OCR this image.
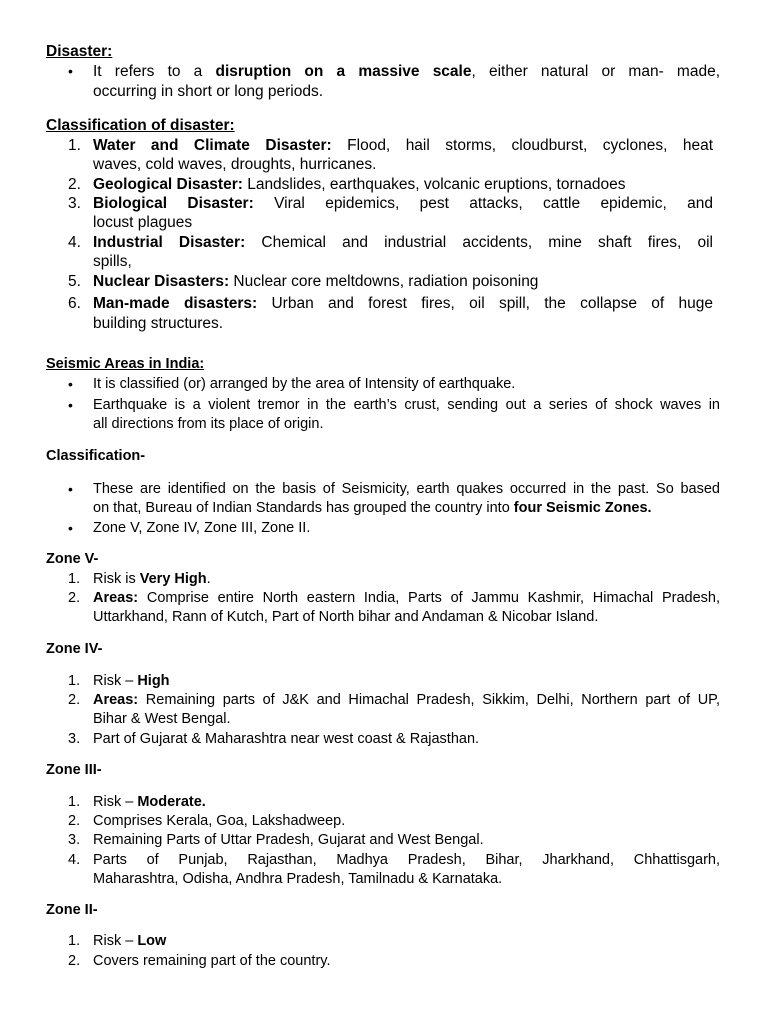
Disaster:
• It refers to a disruption on a massive scale, either natural or man- made,
occurring in short or long periods.
Classification of disaster:
1. Water and Climate Disaster: Flood, hail storms, cloudburst, cyclones, heat
waves, cold waves, droughts, hurricanes.
2. Geological Disaster: Landslides, earthquakes, volcanic eruptions, tornadoes
3. Biological Disaster: Viral epidemics, pest attacks, cattle epidemic, and
locust plagues
4. Industrial Disaster: Chemical and industrial accidents, mine shaft fires, oil
spills,
5. Nuclear Disasters: Nuclear core meltdowns, radiation poisoning
6. Man-made disasters: Urban and forest fires, oil spill, the collapse of huge
building structures.
Seismic Areas in India:
• It is classified (or) arranged by the area of Intensity of earthquake.
• Earthquake is a violent tremor in the earth’s crust, sending out a series of shock waves in
all directions from its place of origin.
Classification-
• These are identified on the basis of Seismicity, earth quakes occurred in the past. So based
on that, Bureau of Indian Standards has grouped the country into four Seismic Zones.
• Zone V, Zone IV, Zone III, Zone II.
Zone V-
1. Risk is Very High.
2. Areas: Comprise entire North eastern India, Parts of Jammu Kashmir, Himachal Pradesh,
Uttarkhand, Rann of Kutch, Part of North bihar and Andaman & Nicobar Island.
Zone IV-
1. Risk – High
2. Areas: Remaining parts of J&K and Himachal Pradesh, Sikkim, Delhi, Northern part of UP,
Bihar & West Bengal.
3. Part of Gujarat & Maharashtra near west coast & Rajasthan.
Zone III-
1. Risk – Moderate.
2. Comprises Kerala, Goa, Lakshadweep.
3. Remaining Parts of Uttar Pradesh, Gujarat and West Bengal.
4. Parts of Punjab, Rajasthan, Madhya Pradesh, Bihar, Jharkhand, Chhattisgarh,
Maharashtra, Odisha, Andhra Pradesh, Tamilnadu & Karnataka.
Zone II-
1. Risk – Low
2. Covers remaining part of the country.
